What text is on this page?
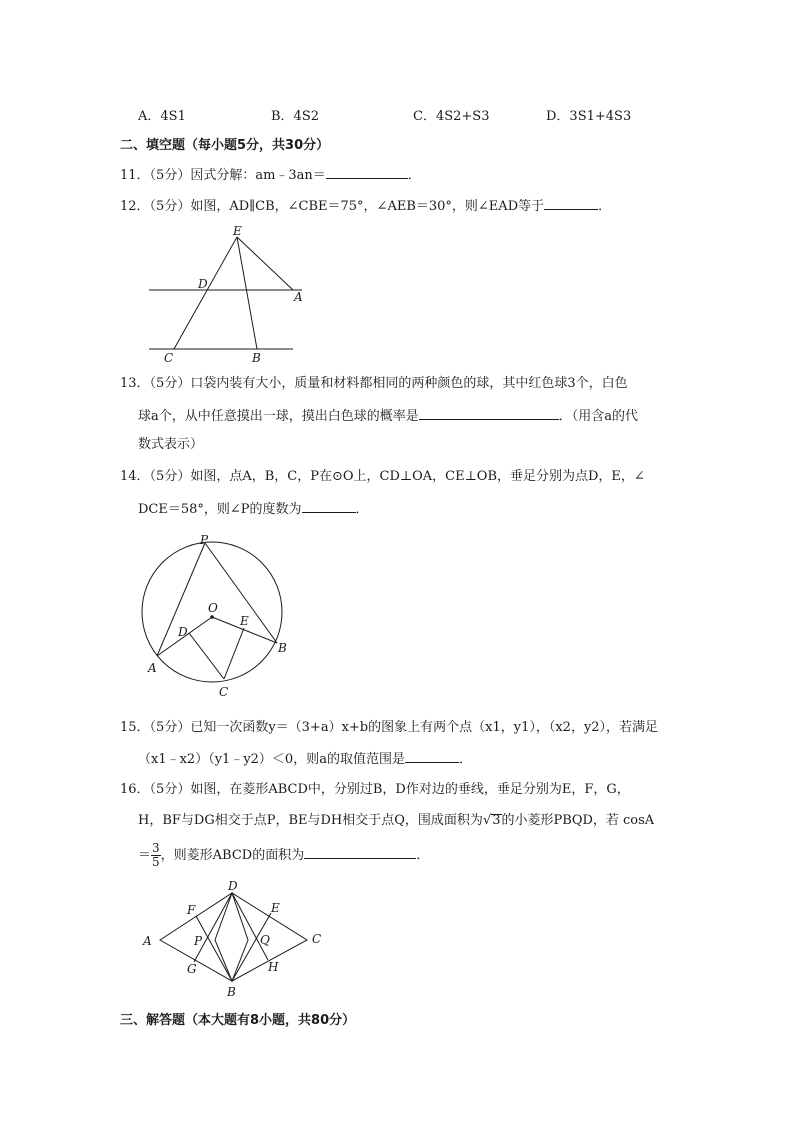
A．4S1	B．4S2	C．4S2+S3	D．3S1+4S3
二、填空题（每小题5分，共30分）
11．（5分）因式分解：am﹣3an＝	．
12．（5分）如图，AD∥CB，∠CBE＝75°，∠AEB＝30°，则∠EAD等于	．
E
D
A
C	B
13．（5分）口袋内装有大小，质量和材料都相同的两种颜色的球，其中红色球3个，白色
球a个，从中任意摸出一球，摸出白色球的概率是	．（用含a的代
数式表示）
14．（5分）如图，点A，B，C，P在⊙O上，CD⊥OA，CE⊥OB，垂足分别为点D，E，∠
DCE＝58°，则∠P的度数为	．
P
O
E
D
B
A
C
15．（5分）已知一次函数y＝（3+a）x+b的图象上有两个点（x1，y1），（x2，y2），若满足
（x1﹣x2）（y1﹣y2）＜0，则a的取值范围是	．
16．（5分）如图，在菱形ABCD中，分别过B，D作对边的垂线，垂足分别为E，F，G，
H，BF与DG相交于点P，BE与DH相交于点Q，围成面积为√3的小菱形PBQD，若 cosA
＝ $\frac{3}{5}$ ，则菱形ABCD的面积为	．
D
F	E
A	P	Q	C
G	H
B
三、解答题（本大题有8小题，共80分）
